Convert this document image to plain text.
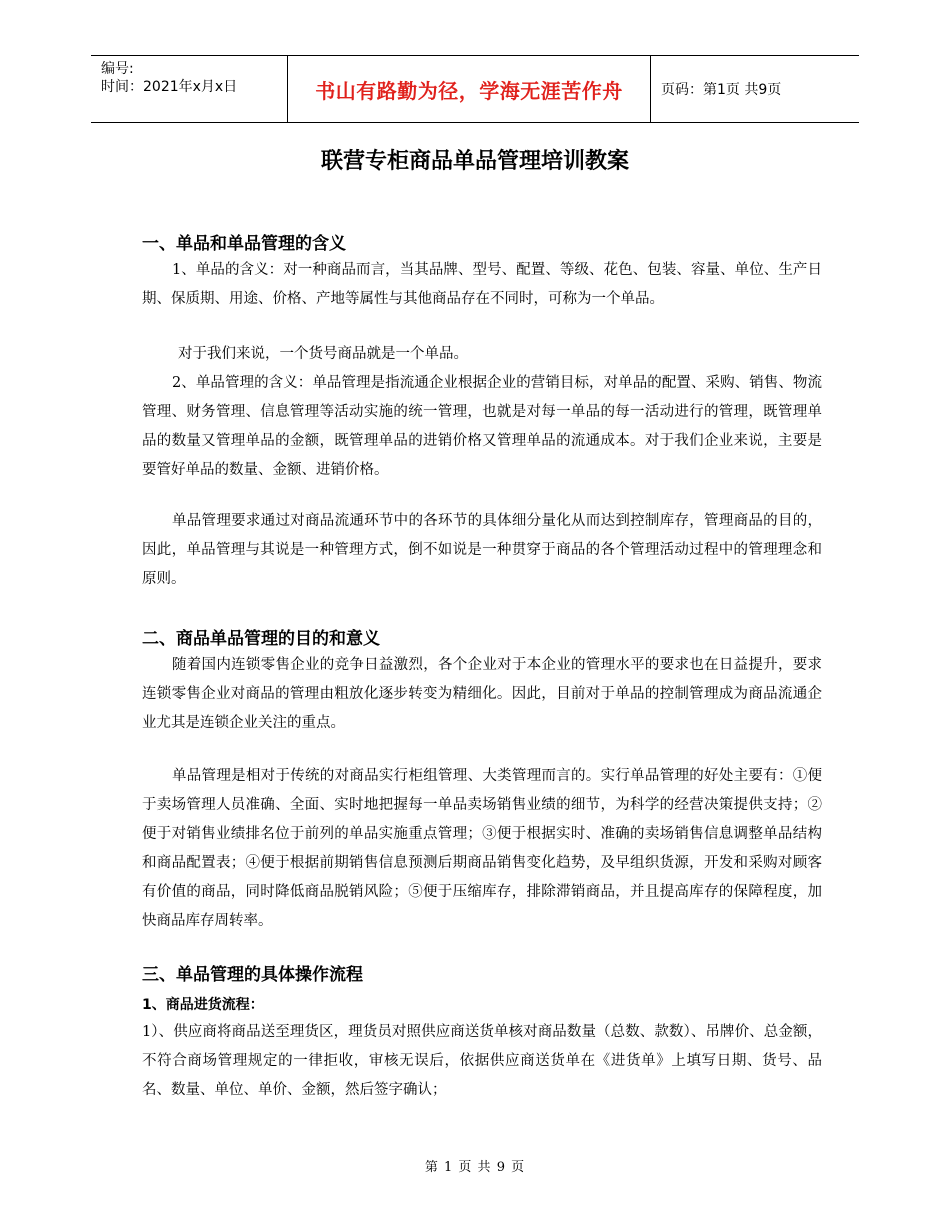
编号:
时间：2021年x月x日	书山有路勤为径，学海无涯苦作舟	页码：第1页 共9页
联营专柜商品单品管理培训教案
一、单品和单品管理的含义
1、单品的含义：对一种商品而言，当其品牌、型号、配置、等级、花色、包装、容量、单位、生产日期、保质期、用途、价格、产地等属性与其他商品存在不同时，可称为一个单品。
对于我们来说，一个货号商品就是一个单品。
2、单品管理的含义：单品管理是指流通企业根据企业的营销目标，对单品的配置、采购、销售、物流管理、财务管理、信息管理等活动实施的统一管理，也就是对每一单品的每一活动进行的管理，既管理单品的数量又管理单品的金额，既管理单品的进销价格又管理单品的流通成本。对于我们企业来说，主要是要管好单品的数量、金额、进销价格。
单品管理要求通过对商品流通环节中的各环节的具体细分量化从而达到控制库存，管理商品的目的，因此，单品管理与其说是一种管理方式，倒不如说是一种贯穿于商品的各个管理活动过程中的管理理念和原则。
二、商品单品管理的目的和意义
随着国内连锁零售企业的竞争日益激烈，各个企业对于本企业的管理水平的要求也在日益提升，要求连锁零售企业对商品的管理由粗放化逐步转变为精细化。因此，目前对于单品的控制管理成为商品流通企业尤其是连锁企业关注的重点。
单品管理是相对于传统的对商品实行柜组管理、大类管理而言的。实行单品管理的好处主要有：①便于卖场管理人员准确、全面、实时地把握每一单品卖场销售业绩的细节，为科学的经营决策提供支持；②便于对销售业绩排名位于前列的单品实施重点管理；③便于根据实时、准确的卖场销售信息调整单品结构和商品配置表；④便于根据前期销售信息预测后期商品销售变化趋势，及早组织货源，开发和采购对顾客有价值的商品，同时降低商品脱销风险；⑤便于压缩库存，排除滞销商品，并且提高库存的保障程度，加快商品库存周转率。
三、单品管理的具体操作流程
1、商品进货流程：
1）、供应商将商品送至理货区，理货员对照供应商送货单核对商品数量（总数、款数）、吊牌价、总金额，不符合商场管理规定的一律拒收，审核无误后，依据供应商送货单在《进货单》上填写日期、货号、品名、数量、单位、单价、金额，然后签字确认；
第 1 页 共 9 页
